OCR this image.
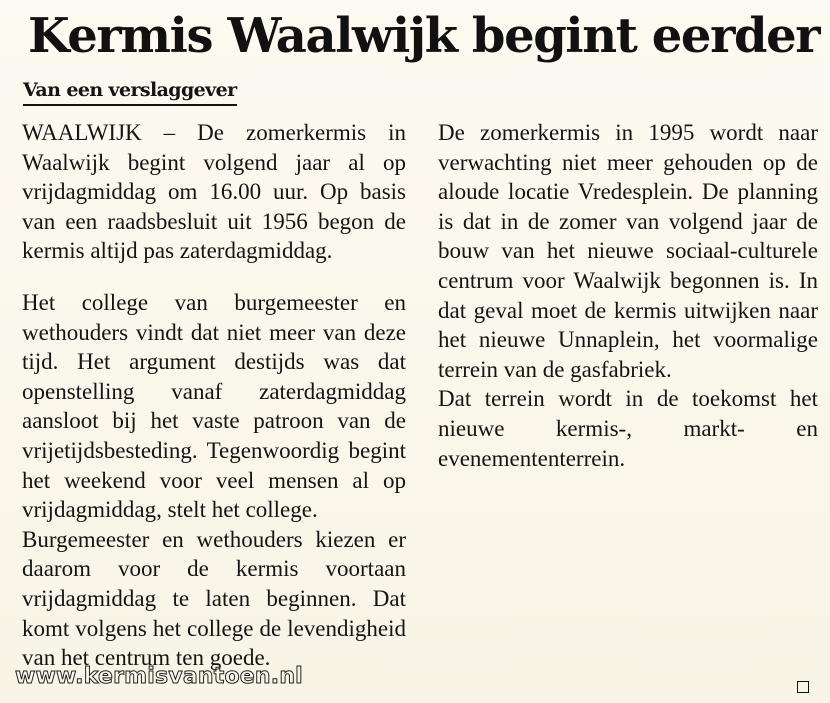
Kermis Waalwijk begint eerder
Van een verslaggever

WAALWIJK – De zomerkermis in Waalwijk begint volgend jaar al op vrijdagmiddag om 16.00 uur. Op basis van een raadsbesluit uit 1956 begon de kermis altijd pas zaterdagmiddag.

Het college van burgemeester en wethouders vindt dat niet meer van deze tijd. Het argument destijds was dat openstelling vanaf zaterdagmiddag aansloot bij het vaste patroon van de vrijetijdsbesteding. Tegenwoordig begint het weekend voor veel mensen al op vrijdagmiddag, stelt het college.

Burgemeester en wethouders kiezen er daarom voor de kermis voortaan vrijdagmiddag te laten beginnen. Dat komt volgens het college de levendigheid van het centrum ten goede.

De zomerkermis in 1995 wordt naar verwachting niet meer gehouden op de aloude locatie Vredesplein. De planning is dat in de zomer van volgend jaar de bouw van het nieuwe sociaal-culturele centrum voor Waalwijk begonnen is. In dat geval moet de kermis uitwijken naar het nieuwe Unnaplein, het voormalige terrein van de gasfabriek.

Dat terrein wordt in de toekomst het nieuwe kermis-, markt- en evenemententerrein.

www.kermisvantoen.nl
